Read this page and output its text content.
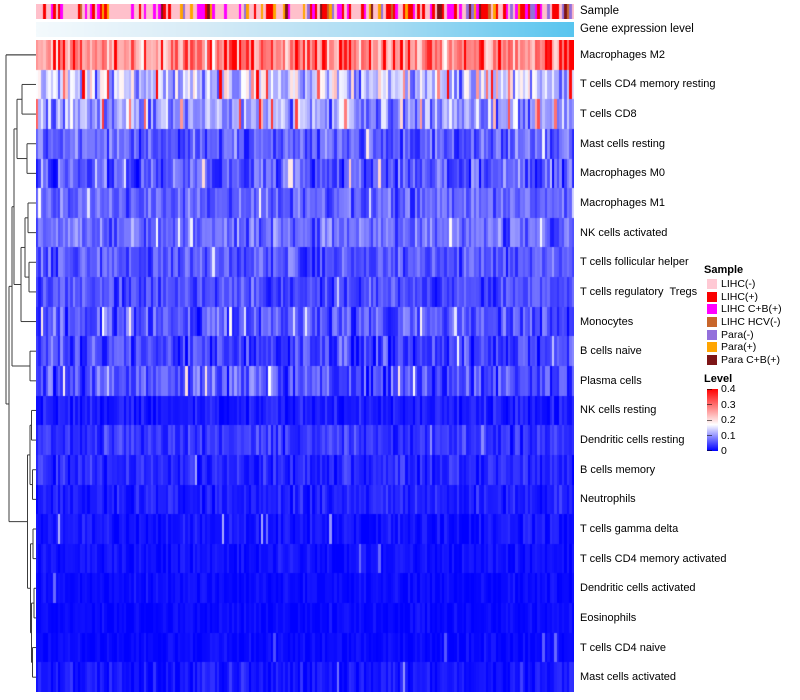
Sample
Gene expression level
Macrophages M2
T cells CD4 memory resting
T cells CD8
Mast cells resting
Macrophages M0
Macrophages M1
NK cells activated
T cells follicular helper
T cells regulatory  Tregs
Monocytes
B cells naive
Plasma cells
NK cells resting
Dendritic cells resting
B cells memory
Neutrophils
T cells gamma delta
T cells CD4 memory activated
Dendritic cells activated
Eosinophils
T cells CD4 naive
Mast cells activated
Sample
LIHC(-)
LIHC(+)
LIHC C+B(+)
LIHC HCV(-)
Para(-)
Para(+)
Para C+B(+)
Level
0.4
0.3
0.2
0.1
0
